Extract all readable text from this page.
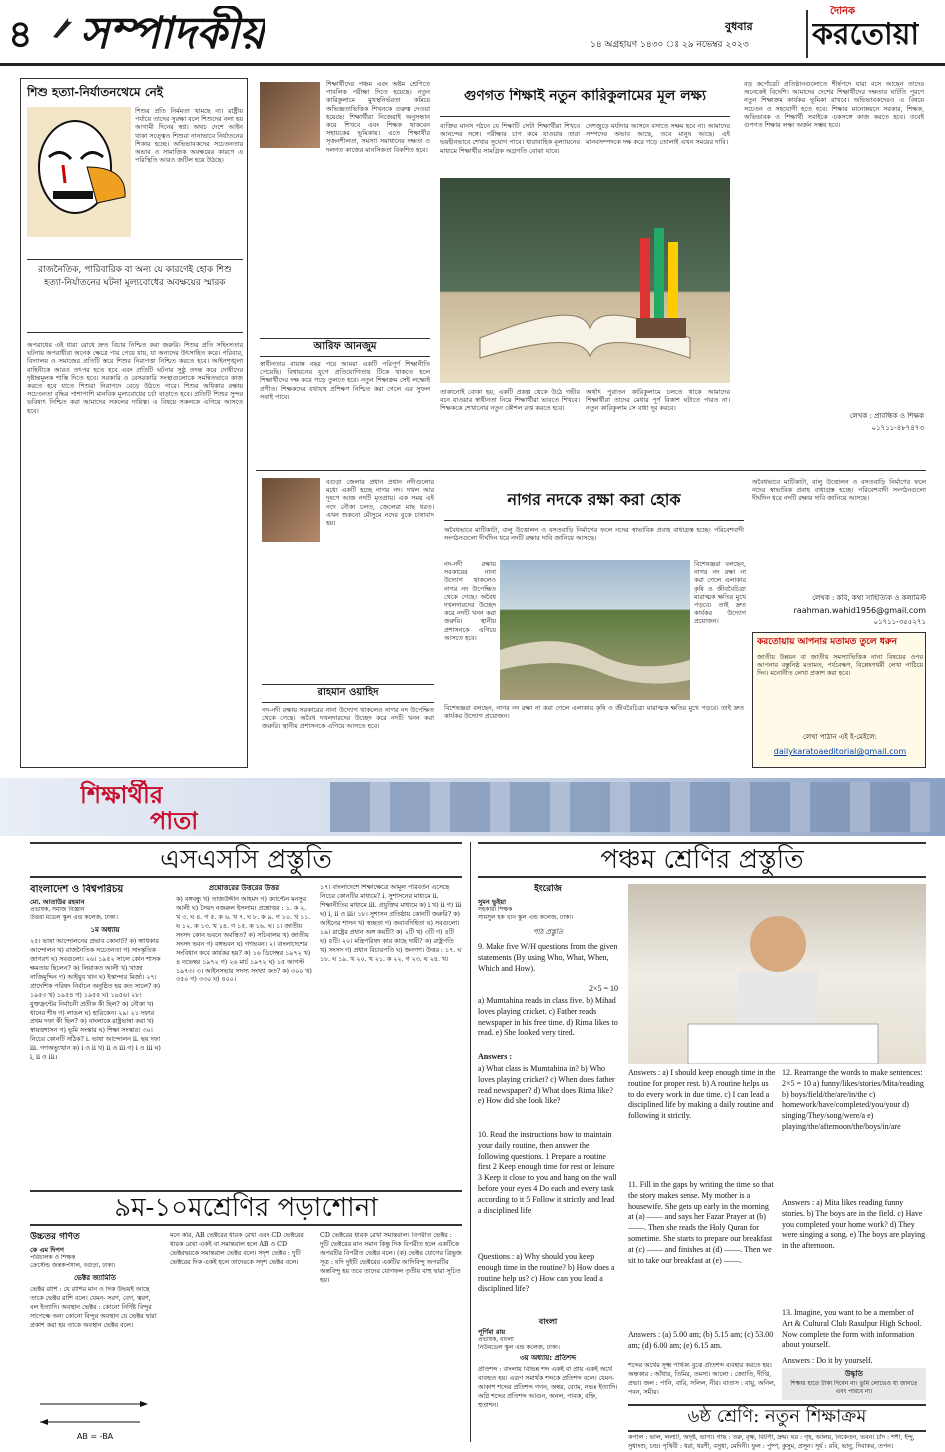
৪ সম্পাদকীয়	বুধবার
১৪ অগ্রহায়ণ ১৪৩০ ঃ ২৯ নভেম্বর ২০২৩
দৈনিক
করতোয়া
শিশু হত্যা-নির্যাতনথেমে নেই
শিশুর প্রতি নির্মমতা থামছে না। রাষ্ট্রীয় পর্যায়ে তাদের সুরক্ষা বলে শিশুদের বলা হয় আগামী দিনের স্বপ্ন। অথচ দেশে আইন থাকা সত্ত্বেও শিশুরা নানাভাবে নির্যাতনের শিকার হচ্ছে। অভিভাবকদের সচেতনতার অভাব ও সামাজিক অবক্ষয়ের কারণে এ পরিস্থিতি আরও জটিল হয়ে উঠছে।
রাজনৈতিক, পারিবারিক বা অন্য যে কারণেই হোক শিশু হত্যা-নির্যাতনের ঘটনা মূল্যবোধের অবক্ষয়ের স্মারক
অপরাধের এই ধারা রোধে দ্রুত বিচার নিশ্চিত করা জরুরি। শিশুর প্রতি সহিংসতার ঘটনায় অপরাধীরা অনেক ক্ষেত্রে পার পেয়ে যায়, যা অন্যদের উৎসাহিত করে। পরিবার, বিদ্যালয় ও সমাজের প্রতিটি স্তরে শিশুর নিরাপত্তা নিশ্চিত করতে হবে। আইনশৃঙ্খলা বাহিনীকে আরও তৎপর হতে হবে এবং প্রতিটি ঘটনার সুষ্ঠু তদন্ত করে দোষীদের দৃষ্টান্তমূলক শাস্তি দিতে হবে। সরকারি ও বেসরকারি সংস্থাগুলোকে সমন্বিতভাবে কাজ করতে হবে যাতে শিশুরা নিরাপদে বেড়ে উঠতে পারে। শিশুর অধিকার রক্ষায় সচেতনতা বৃদ্ধির পাশাপাশি মানবিক মূল্যবোধের চর্চা বাড়াতে হবে। প্রতিটি শিশুর সুন্দর ভবিষ্যৎ নিশ্চিত করা আমাদের সকলের দায়িত্ব। এ বিষয়ে সকলকে এগিয়ে আসতে হবে।
শিক্ষার্থীদের পঞ্চম এবং অষ্টম শ্রেণিতে পাবলিক পরীক্ষা দিতে হয়েছে। নতুন কারিকুলামে মুখস্থনির্ভরতা কমিয়ে অভিজ্ঞতাভিত্তিক শিখনকে গুরুত্ব দেওয়া হয়েছে। শিক্ষার্থীরা নিজেরাই অনুসন্ধান করে শিখবে এবং শিক্ষক থাকবেন সহায়কের ভূমিকায়। এতে শিক্ষার্থীর সৃজনশীলতা, সমস্যা সমাধানের দক্ষতা ও দলগত কাজের মানসিকতা বিকশিত হবে।
গুণগত শিক্ষাই নতুন কারিকুলামের মূল লক্ষ্য
ব্যক্তির মানস গঠনে যে শিক্ষাটি সেটা শিক্ষার্থীরা শিখবে আনন্দের সঙ্গে। পরীক্ষার চাপ কমে যাওয়ায় তারা ভয়হীনভাবে শেখার সুযোগ পাবে। ধারাবাহিক মূল্যায়নের মাধ্যমে শিক্ষার্থীর সামগ্রিক অগ্রগতি বোঝা যাবে।
দেশজুড়ে মর্যাদার আসনে বসাতে সক্ষম হবে না। আমাদের সম্পদের অভাব আছে, তবে মানুষ আছে। এই মানবসম্পদকে দক্ষ করে গড়ে তোলাই এখন সময়ের দাবি।
আরিফ আনজুম
স্বাধীনতার বায়ান্ন বছর পরে আমরা একটি পরিপূর্ণ শিক্ষানীতি পেয়েছি। বিশ্বায়নের যুগে প্রতিযোগিতায় টিকে থাকতে হলে শিক্ষার্থীদের দক্ষ করে গড়ে তুলতে হবে। নতুন শিক্ষাক্রম সেই লক্ষ্যেই প্রণীত। শিক্ষকদের যথাযথ প্রশিক্ষণ নিশ্চিত করা গেলে এর সুফল সবাই পাবে।
তাকানোই বোকা হয়, একটি প্রকল্প থেকে উঠে গভীর বনে যাওয়ার স্বাধীনতা নিয়ে শিক্ষার্থীরা ভাবতে শিখবে। শিক্ষককে শেখানোর নতুন কৌশল রপ্ত করতে হবে।
অর্থাৎ পুরাতন কারিকুলামে চলতে থাকে আমাদের শিক্ষার্থীরা তাদের মেধার পূর্ণ বিকাশ ঘটাতে পারত না। নতুন কারিকুলাম সে বাধা দূর করবে।
বড় কর্পোরেট প্রতিষ্ঠানগুলোতে শীর্ষপদে যারা বসে আছেন তাদের অনেকেই বিদেশি। আমাদের দেশের শিক্ষার্থীদের দক্ষতার ঘাটতি পূরণে নতুন শিক্ষাক্রম কার্যকর ভূমিকা রাখবে। অভিভাবকদেরও এ বিষয়ে সচেতন ও সহযোগী হতে হবে। শিক্ষার মানোন্নয়নে সরকার, শিক্ষক, অভিভাবক ও শিক্ষার্থী সবাইকে একসঙ্গে কাজ করতে হবে। তবেই গুণগত শিক্ষার লক্ষ্য অর্জন সম্ভব হবে।
লেখক : প্রাবন্ধিক ও শিক্ষক
০১৭১১-৪৮৭৪৭৩
বগুড়া জেলার প্রধান প্রধান নদীগুলোর মধ্যে একটি হচ্ছে নাগর নদ। দখল আর দূষণে আজ নদটি মৃতপ্রায়। এক সময় এই নদে নৌকা চলত, জেলেরা মাছ ধরত। এখন শুকনো মৌসুমে নদের বুকে চাষাবাদ হয়।
নাগর নদকে রক্ষা করা হোক
অবৈধভাবে মাটিকাটা, বালু উত্তোলন ও বসতবাড়ি নির্মাণের ফলে নদের স্বাভাবিক প্রবাহ বাধাগ্রস্ত হচ্ছে। পরিবেশবাদী সংগঠনগুলো দীর্ঘদিন ধরে নদটি রক্ষার দাবি জানিয়ে আসছে।
নদ-নদী রক্ষায় সরকারের নানা উদ্যোগ থাকলেও নাগর নদ উপেক্ষিত থেকে গেছে। অবৈধ দখলদারদের উচ্ছেদ করে নদটি খনন করা জরুরি। স্থানীয় প্রশাসনকে এগিয়ে আসতে হবে।
বিশেষজ্ঞরা বলছেন, নাগর নদ রক্ষা না করা গেলে এলাকার কৃষি ও জীববৈচিত্র্য মারাত্মক ক্ষতির মুখে পড়বে। তাই দ্রুত কার্যকর উদ্যোগ প্রয়োজন।
রাহমান ওয়াহিদ
নদ-নদী রক্ষায় সরকারের নানা উদ্যোগ থাকলেও নাগর নদ উপেক্ষিত থেকে গেছে। অবৈধ দখলদারদের উচ্ছেদ করে নদটি খনন করা জরুরি। স্থানীয় প্রশাসনকে এগিয়ে আসতে হবে।
বিশেষজ্ঞরা বলছেন, নাগর নদ রক্ষা না করা গেলে এলাকার কৃষি ও জীববৈচিত্র্য মারাত্মক ক্ষতির মুখে পড়বে। তাই দ্রুত কার্যকর উদ্যোগ প্রয়োজন।
অবৈধভাবে মাটিকাটা, বালু উত্তোলন ও বসতবাড়ি নির্মাণের ফলে নদের স্বাভাবিক প্রবাহ বাধাগ্রস্ত হচ্ছে। পরিবেশবাদী সংগঠনগুলো দীর্ঘদিন ধরে নদটি রক্ষার দাবি জানিয়ে আসছে।
লেখক : কবি, কথা সাহিত্যিক ও কলামিস্ট
raahman.wahid1956@gmail.com
০১৭১১-৩৫৫২৭১
করতোয়ায় আপনার মতামত তুলে ধরুন
জাতীয় উন্নয়ন বা জাতীয় সমস্যাভিত্তিক নানা বিষয়ের ওপর আপনার বস্তুনিষ্ঠ মতামত, পর্যবেক্ষণ, বিশ্লেষণধর্মী লেখা পাঠিয়ে দিন। মনোনীত লেখা প্রকাশ করা হবে।
লেখা পাঠান এই ই-মেইলে:
dailykaratoaeditorial@gmail.com
শিক্ষার্থীর
পাতা
এসএসসি প্রস্তুতি
বাংলাদেশ ও বিশ্বপরিচয়
মো. আতাউর রহমান
প্রভাষক, সমাজ বিজ্ঞান
উত্তরা মডেল স্কুল এন্ড কলেজ, ঢাকা।
১ম অধ্যায়
২৫। ভাষা আন্দোলনের প্রভাব কোনটি? ক) স্বাধিকার আন্দোলন খ) রাজনৈতিক সচেতনতা গ) সাংস্কৃতিক জাগরণ ঘ) সবগুলো। ২৬। ১৯৫২ সালে কোন শাসক ক্ষমতায় ছিলেন? ক) লিয়াকত আলী খ) খাজা নাজিমুদ্দিন গ) আইয়ুব খান ঘ) ইস্কান্দার মির্জা। ২৭। প্রাদেশিক পরিষদ নির্বাচন অনুষ্ঠিত হয় কত সালে? ক) ১৯৫৩ খ) ১৯৫৪ গ) ১৯৫৫ ঘ) ১৯৫৬। ২৮। যুক্তফ্রন্টের নির্বাচনী প্রতীক কী ছিল? ক) নৌকা খ) ধানের শীষ গ) লাঙল ঘ) হারিকেন। ২৯। ২১ দফার প্রথম দফা কী ছিল? ক) বাংলাকে রাষ্ট্রভাষা করা খ) স্বায়ত্তশাসন গ) ভূমি সংস্কার ঘ) শিক্ষা সংস্কার। ৩০। নিচের কোনটি সঠিক? i. ভাষা আন্দোলন ii. ছয় দফা iii. গণঅভ্যুত্থান ক) i ও ii খ) ii ও iii গ) i ও iii ঘ) i, ii ও iii।
প্রশ্নোত্তরের উত্তরের উত্তর
ক) বঙ্গবন্ধু খ) তাজউদ্দীন আহমদ গ) ক্যাপ্টেন মনসুর আলী ঘ) সৈয়দ নজরুল ইসলাম। প্রশ্নোত্তর : ১. ক ২. খ ৩. ঘ ৪. গ ৫. ক ৬. খ ৭. ঘ ৮. ক ৯. গ ১০. খ ১১. ঘ ১২. ক ১৩. খ ১৪. গ ১৫. ক ১৬. ঘ। ১। জাতীয় সংসদ কোন ভবনে অবস্থিত? ক) সচিবালয় খ) জাতীয় সংসদ ভবন গ) বঙ্গভবন ঘ) গণভবন। ২। বাংলাদেশের সংবিধান কবে কার্যকর হয়? ক) ১৬ ডিসেম্বর ১৯৭২ খ) ৪ নভেম্বর ১৯৭২ গ) ২৬ মার্চ ১৯৭২ ঘ) ১৫ আগস্ট ১৯৭৩। ৩। আইনসভার সদস্য সংখ্যা কত? ক) ৩০০ খ) ৩৫০ গ) ৩৩০ ঘ) ৪০০।
১৭। বাংলাদেশে শিক্ষাক্ষেত্রে আমূল পরিবর্তন এসেছে নিচের কোনটির মাধ্যমে? i. সুশাসনের মাধ্যমে ii. শিক্ষানীতির মাধ্যমে iii. প্রযুক্তির মাধ্যমে ক) i খ) ii গ) iii ঘ) i, ii ও iii। ১৮। সুশাসন প্রতিষ্ঠায় কোনটি জরুরি? ক) আইনের শাসন খ) স্বচ্ছতা গ) জবাবদিহিতা ঘ) সবগুলো। ১৯। রাষ্ট্রের প্রধান অঙ্গ কয়টি? ক) ২টি খ) ৩টি গ) ৪টি ঘ) ৫টি। ২০। মন্ত্রিপরিষদ কার কাছে দায়ী? ক) রাষ্ট্রপতি খ) সংসদ গ) প্রধান বিচারপতি ঘ) জনগণ। উত্তর : ১৭. ঘ ১৮. ঘ ১৯. খ ২০. খ ২১. ক ২২. গ ২৩. ঘ ২৪. খ।
৯ম-১০মশ্রেণির পড়াশোনা
উচ্চতর গণিত
কে এম দিপণ
পরিচালক ও শিক্ষক
ক্রেস্টেন্ড জন্তকর্পসাল, বগুড়া, ঢাকা।
ভেক্টর জ্যামিতি
ভেক্টর রাশি : যে রাশির মান ও দিক উভয়ই আছে তাকে ভেক্টর রাশি বলে। যেমন- সরণ, বেগ, ত্বরণ, বল ইত্যাদি। অবস্থান ভেক্টর : কোনো নির্দিষ্ট বিন্দুর সাপেক্ষে অন্য কোনো বিন্দুর অবস্থান যে ভেক্টর দ্বারা প্রকাশ করা হয় তাকে অবস্থান ভেক্টর বলে।
AB = -BA
মনে করি, AB ভেক্টরের ধারক রেখা এবং CD ভেক্টরের ধারক রেখা একই বা সমান্তরাল হলে AB ও CD ভেক্টরদ্বয়কে সমান্তরাল ভেক্টর বলে। সদৃশ ভেক্টর : দুটি ভেক্টরের দিক একই হলে তাদেরকে সদৃশ ভেক্টর বলে।
CD ভেক্টরের ধারক রেখা সমান্তরাল। বিপরীত ভেক্টর : দুটি ভেক্টরের মান সমান কিন্তু দিক বিপরীত হলে একটিকে অপরটির বিপরীত ভেক্টর বলে। (ক) ভেক্টর যোগের ত্রিভুজ সূত্র : যদি দুইটি ভেক্টরের একটির আদিবিন্দু অপরটির অন্তবিন্দু হয় তবে তাদের যোগফল তৃতীয় বাহু দ্বারা সূচিত হয়।
পঞ্চম শ্রেণির প্রস্তুতি
ইংরেজি
সুমন ভুইয়া
সহকারী শিক্ষক
সামসুল হক খান স্কুল এন্ড কলেজ, ঢাকা।
পাঠ প্রস্তুতি
9. Make five W/H questions from the given statements (By using Who, What, When, Which and How).
2×5 = 10
a) Mumtahina reads in class five. b) Mihad loves playing cricket. c) Father reads newspaper in his free time. d) Rima likes to read. e) She looked very tired.
Answers :
a) What class is Mumtahina in? b) Who loves playing cricket? c) When does father read newspaper? d) What does Rima like? e) How did she look like?
10. Read the instructions how to maintain your daily routine, then answer the following questions. 1 Prepare a routine first 2 Keep enough time for rest or leisure 3 Keep it close to you and hang on the wall before your eyes 4 Do each and every task according to it 5 Follow it strictly and lead a disciplined life
Questions : a) Why should you keep enough time in the routine? b) How does a routine help us? c) How can you lead a disciplined life?
Answers : a) I should keep enough time in the routine for proper rest. b) A routine helps us to do every work in due time. c) I can lead a disciplined life by making a daily routine and following it strictly.
11. Fill in the gaps by writing the time so that the story makes sense. My mother is a housewife. She gets up early in the morning at (a) —— and says her Fazar Prayer at (b) ——. Then she reads the Holy Quran for sometime. She starts to prepare our breakfast at (c) —— and finishes at (d) ——. Then we sit to take our breakfast at (e) ——.
Answers : (a) 5.00 am; (b) 5.15 am; (c) 53.00 am; (d) 6.00 am; (e) 6.15 am.
12. Rearrange the words to make sentences: 2×5 = 10 a) funny/likes/stories/Mita/reading b) boys/field/the/are/in/the c) homework/have/completed/you/your d) singing/They/song/were/a e) playing/the/afternoon/the/boys/in/are
Answers : a) Mita likes reading funny stories. b) The boys are in the field. c) Have you completed your home work? d) They were singing a song. e) The boys are playing in the afternoon.
13. Imagine, you want to be a member of Art & Cultural Club Rasulpur High School. Now complete the form with information about yourself.
Answers : Do it by yourself.
উদ্ধৃতি
শিক্ষার হাতে টাকা দিবেন না। তুমি লোভেও যা জানতে এবং পারবে না।
৬ষ্ঠ শ্রেণি: নতুন শিক্ষাক্রম
বাংলা
পূর্ণিমা রায়
প্রভাষক, বাংলা
নিউমডেল স্কুল এন্ড কলেজ, ঢাকা।
৩য় অধ্যায়: প্রতিশব্দ
প্রতিশব্দ : বাংলায় বিভিন্ন শব্দ একই বা প্রায় একই অর্থে ব্যবহৃত হয়। এরূপ সমার্থক শব্দকে প্রতিশব্দ বলে। যেমন- আকাশ শব্দের প্রতিশব্দ গগন, অম্বর, ব্যোম, নভঃ ইত্যাদি। অগ্নি শব্দের প্রতিশব্দ আগুন, অনল, পাবক, বহ্নি, হুতাশন।
শব্দের অর্থের সূক্ষ্ম পার্থক্য বুঝে প্রতিশব্দ ব্যবহার করতে হয়। অন্ধকার : আঁধার, তিমির, তমসা। আলো : জ্যোতি, দীপ্তি, প্রভা। জল : পানি, বারি, সলিল, নীর। বাতাস : বায়ু, অনিল, পবন, সমীর।
কপাল : ভাল, ললাট, অদৃষ্ট, ভাগ্য। গাছ : তরু, বৃক্ষ, বিটপী, দ্রুম। ঘর : গৃহ, আলয়, নিকেতন, ভবন। চাঁদ : শশী, ইন্দু, সুধাংশু, চন্দ্র। পৃথিবী : ধরা, ধরণী, বসুধা, মেদিনী। ফুল : পুষ্প, কুসুম, প্রসূন। সূর্য : রবি, ভানু, দিবাকর, তপন।
